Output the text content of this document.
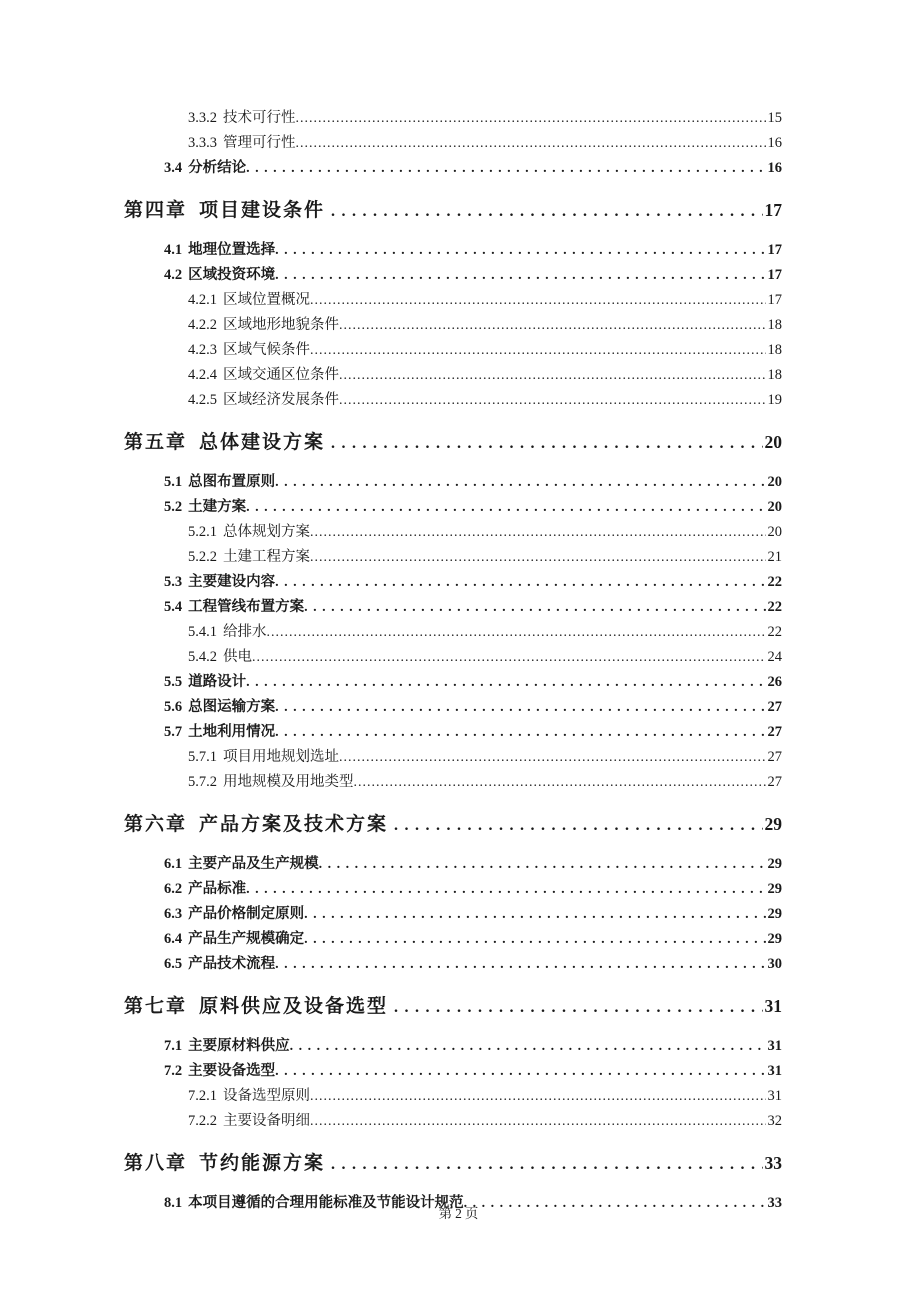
3.3.2 技术可行性 .....	15
3.3.3 管理可行性 .....	16
3.4 分析结论 .....	16
第四章 项目建设条件 .....	17
4.1 地理位置选择 .....	17
4.2 区域投资环境 .....	17
4.2.1 区域位置概况 .....	17
4.2.2 区域地形地貌条件 .....	18
4.2.3 区域气候条件 .....	18
4.2.4 区域交通区位条件 .....	18
4.2.5 区域经济发展条件 .....	19
第五章 总体建设方案 .....	20
5.1 总图布置原则 .....	20
5.2 土建方案 .....	20
5.2.1 总体规划方案 .....	20
5.2.2 土建工程方案 .....	21
5.3 主要建设内容 .....	22
5.4 工程管线布置方案 .....	22
5.4.1 给排水 .....	22
5.4.2 供电 .....	24
5.5 道路设计 .....	26
5.6 总图运输方案 .....	27
5.7 土地利用情况 .....	27
5.7.1 项目用地规划选址 .....	27
5.7.2 用地规模及用地类型 .....	27
第六章 产品方案及技术方案 .....	29
6.1 主要产品及生产规模 .....	29
6.2 产品标准 .....	29
6.3 产品价格制定原则 .....	29
6.4 产品生产规模确定 .....	29
6.5 产品技术流程 .....	30
第七章 原料供应及设备选型 .....	31
7.1 主要原材料供应 .....	31
7.2 主要设备选型 .....	31
7.2.1 设备选型原则 .....	31
7.2.2 主要设备明细 .....	32
第八章 节约能源方案 .....	33
8.1 本项目遵循的合理用能标准及节能设计规范 .....	33
第2页
